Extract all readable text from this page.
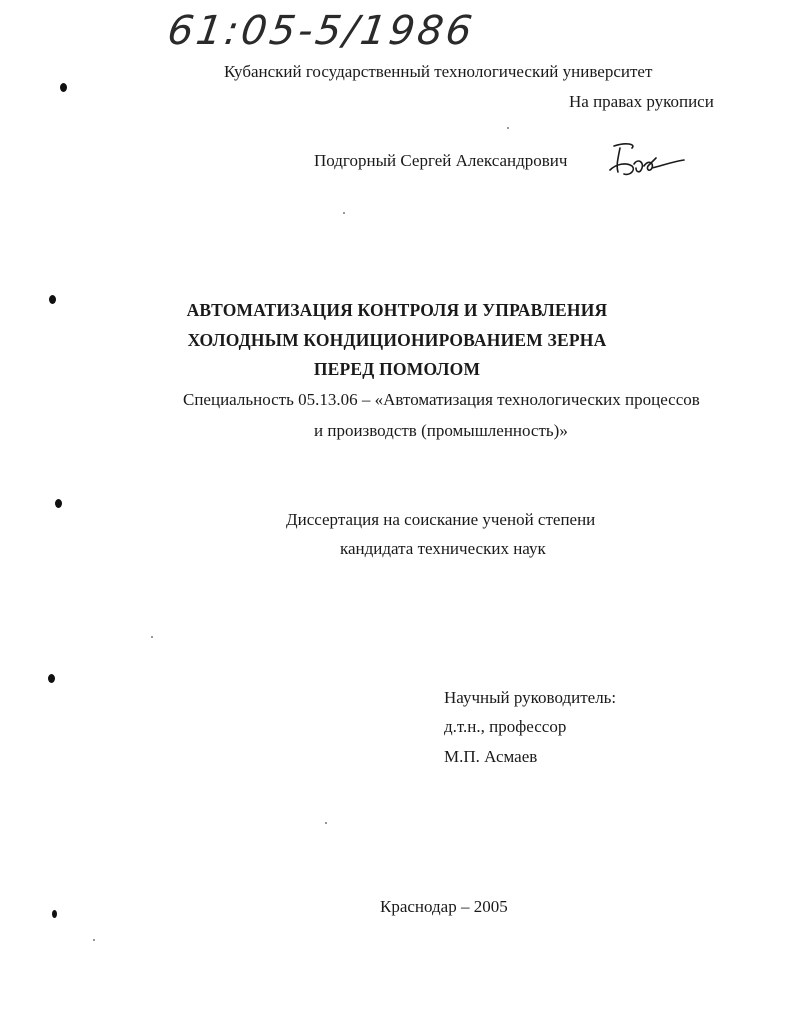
61:05-5/1986
Кубанский государственный технологический университет
На правах рукописи
Подгорный Сергей Александрович
АВТОМАТИЗАЦИЯ КОНТРОЛЯ И УПРАВЛЕНИЯ
ХОЛОДНЫМ КОНДИЦИОНИРОВАНИЕМ ЗЕРНА
ПЕРЕД ПОМОЛОМ
Специальность 05.13.06 – «Автоматизация технологических процессов
и производств (промышленность)»
Диссертация на соискание ученой степени
кандидата технических наук
Научный руководитель:
д.т.н., профессор
М.П. Асмаев
Краснодар – 2005
